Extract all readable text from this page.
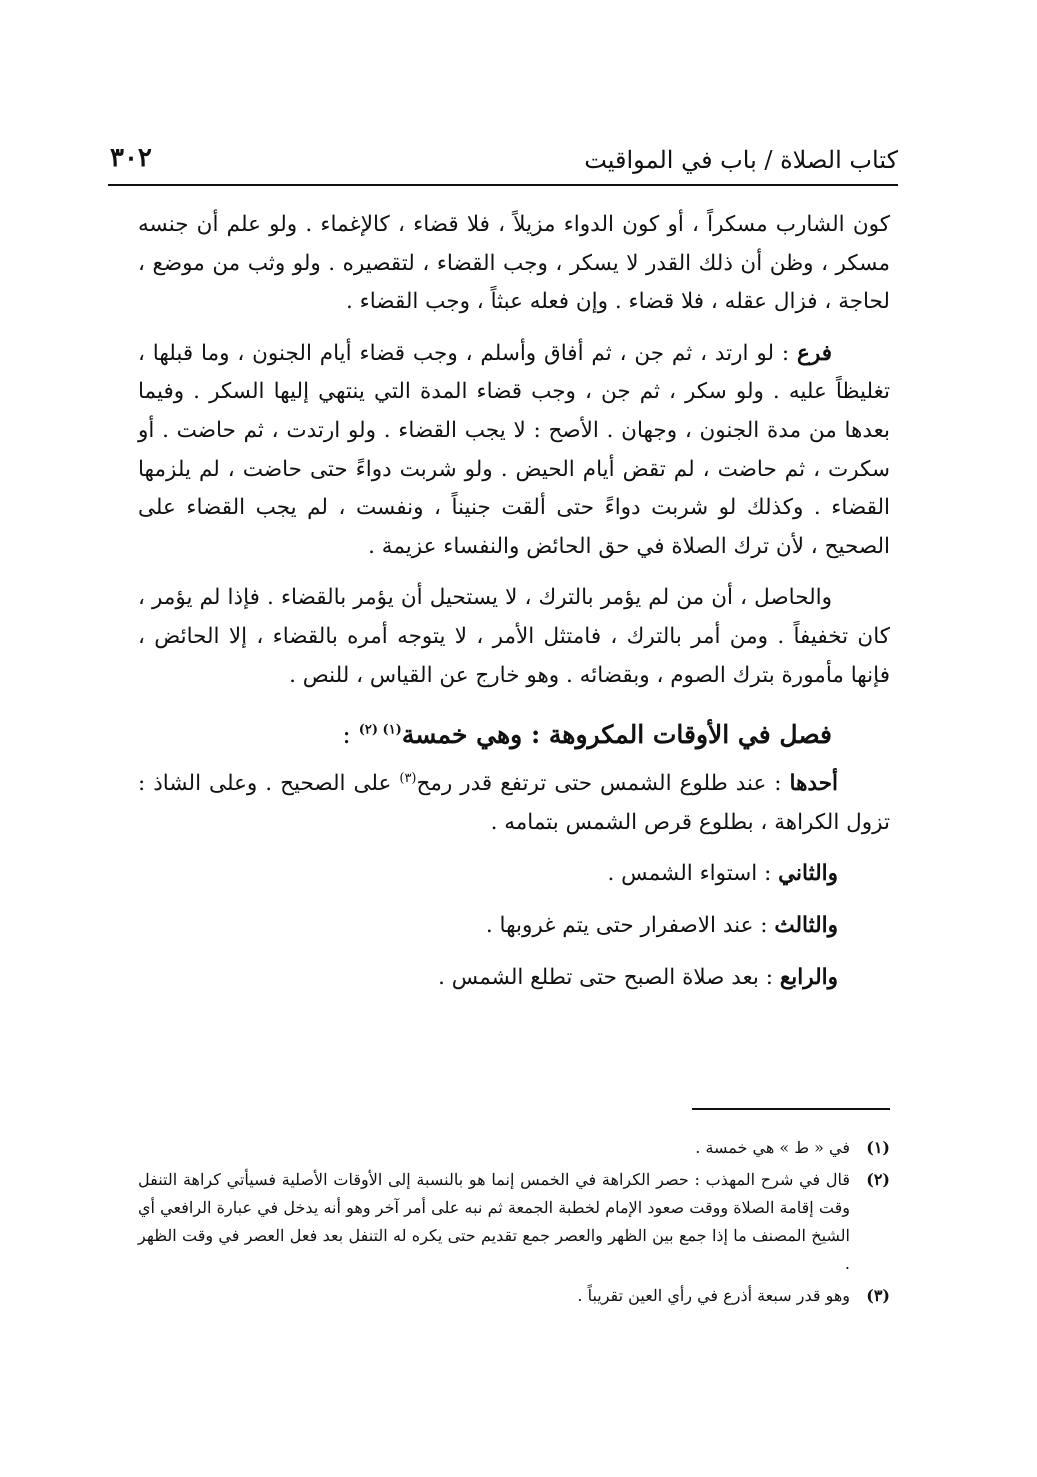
كتاب الصلاة / باب في المواقيت
٣٠٢

كون الشارب مسكراً ، أو كون الدواء مزيلاً ، فلا قضاء ، كالإغماء . ولو علم أن جنسه مسكر ، وظن أن ذلك القدر لا يسكر ، وجب القضاء ، لتقصيره . ولو وثب من موضع ، لحاجة ، فزال عقله ، فلا قضاء . وإن فعله عبثاً ، وجب القضاء .

فرع : لو ارتد ، ثم جن ، ثم أفاق وأسلم ، وجب قضاء أيام الجنون ، وما قبلها ، تغليظاً عليه . ولو سكر ، ثم جن ، وجب قضاء المدة التي ينتهي إليها السكر . وفيما بعدها من مدة الجنون ، وجهان . الأصح : لا يجب القضاء . ولو ارتدت ، ثم حاضت . أو سكرت ، ثم حاضت ، لم تقض أيام الحيض . ولو شربت دواءً حتى حاضت ، لم يلزمها القضاء . وكذلك لو شربت دواءً حتى ألقت جنيناً ، ونفست ، لم يجب القضاء على الصحيح ، لأن ترك الصلاة في حق الحائض والنفساء عزيمة .

والحاصل ، أن من لم يؤمر بالترك ، لا يستحيل أن يؤمر بالقضاء . فإذا لم يؤمر ، كان تخفيفاً . ومن أمر بالترك ، فامتثل الأمر ، لا يتوجه أمره بالقضاء ، إلا الحائض ، فإنها مأمورة بترك الصوم ، وبقضائه . وهو خارج عن القياس ، للنص .

فصل في الأوقات المكروهة : وهي خمسة$^{(١) (٢)}$ :

أحدها : عند طلوع الشمس حتى ترتفع قدر رمح$^{(٣)}$ على الصحيح . وعلى الشاذ : تزول الكراهة ، بطلوع قرص الشمس بتمامه .

والثاني : استواء الشمس .

والثالث : عند الاصفرار حتى يتم غروبها .

والرابع : بعد صلاة الصبح حتى تطلع الشمس .

(١)
في « ط » هي خمسة .
(٢)
قال في شرح المهذب : حصر الكراهة في الخمس إنما هو بالنسبة إلى الأوقات الأصلية فسيأتي كراهة التنفل وقت إقامة الصلاة ووقت صعود الإمام لخطبة الجمعة ثم نبه على أمر آخر وهو أنه يدخل في عبارة الرافعي أي الشيخ المصنف ما إذا جمع بين الظهر والعصر جمع تقديم حتى يكره له التنفل بعد فعل العصر في وقت الظهر .
(٣)
وهو قدر سبعة أذرع في رأي العين تقريباً .
